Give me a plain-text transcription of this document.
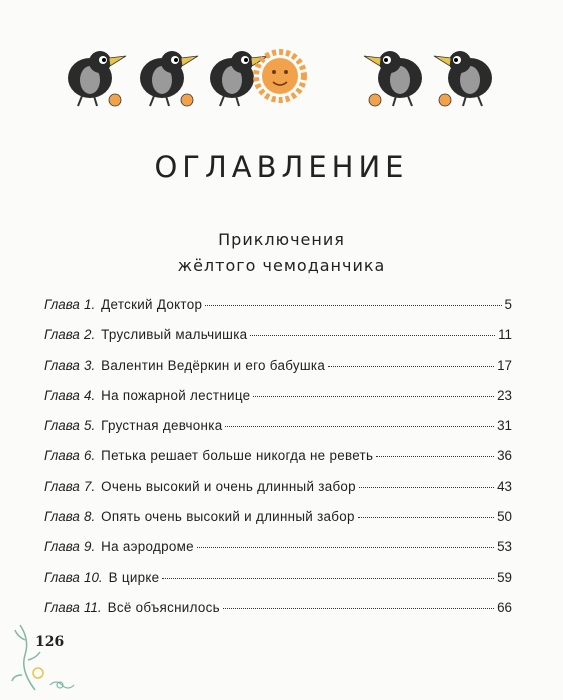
ОГЛАВЛЕНИЕ
Приключения
жёлтого чемоданчика
Глава 1. Детский Доктор	5
Глава 2. Трусливый мальчишка	11
Глава 3. Валентин Ведёркин и его бабушка	17
Глава 4. На пожарной лестнице	23
Глава 5. Грустная девчонка	31
Глава 6. Петька решает больше никогда не реветь	36
Глава 7. Очень высокий и очень длинный забор	43
Глава 8. Опять очень высокий и длинный забор	50
Глава 9. На аэродроме	53
Глава 10. В цирке	59
Глава 11. Всё объяснилось	66
126
